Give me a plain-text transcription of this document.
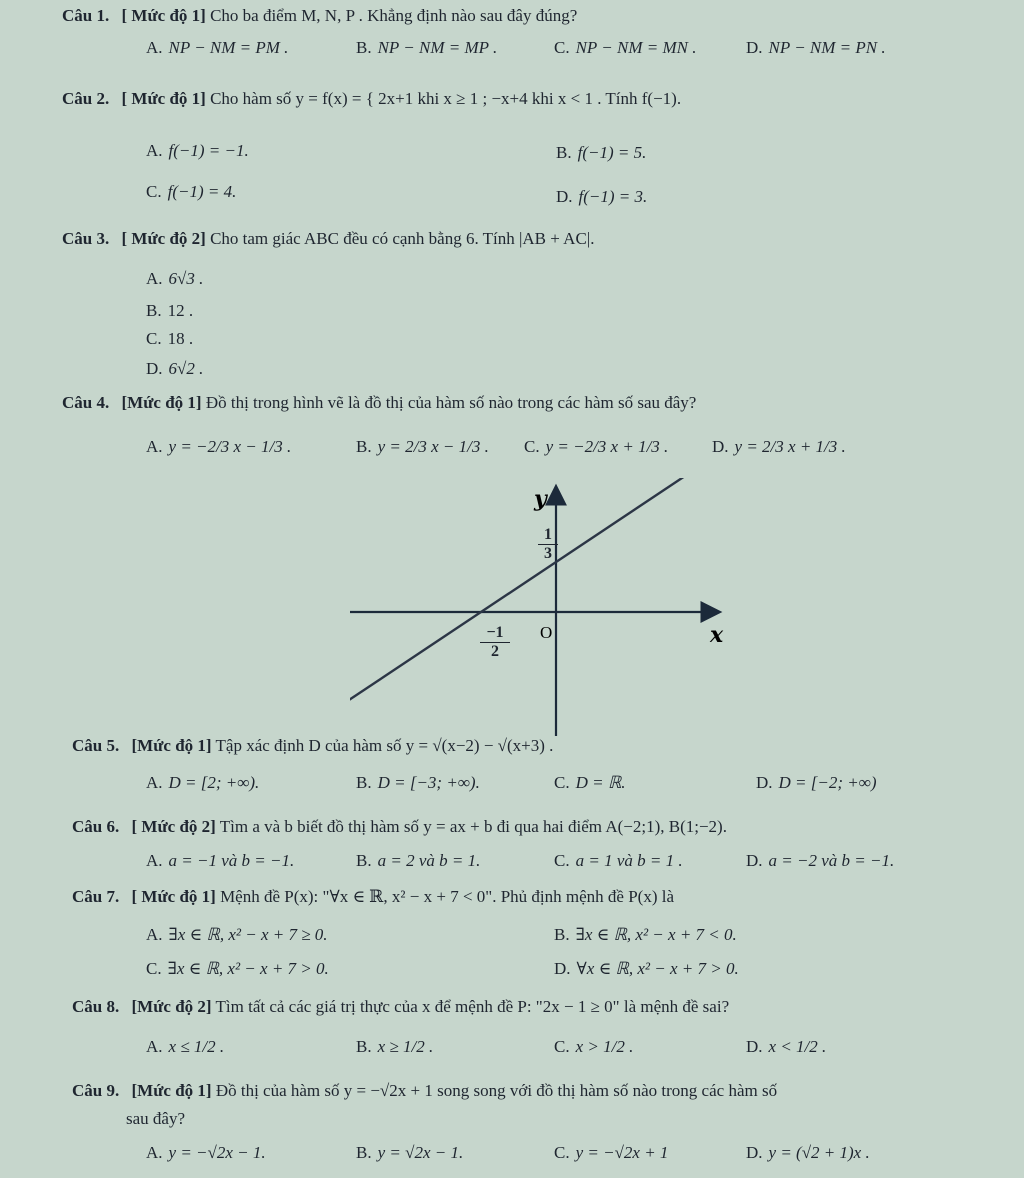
Câu 1. [ Mức độ 1] Cho ba điểm M, N, P . Khẳng định nào sau đây đúng?
A. NP − NM = PM .	B. NP − NM = MP .	C. NP − NM = MN .	D. NP − NM = PN .
Câu 2. [ Mức độ 1] Cho hàm số y = f(x) = { 2x+1 khi x ≥ 1 ; −x+4 khi x < 1 . Tính f(−1).
A. f(−1) = −1.	B. f(−1) = 5.
C. f(−1) = 4.	D. f(−1) = 3.
Câu 3. [ Mức độ 2] Cho tam giác ABC đều có cạnh bằng 6. Tính |AB + AC|.
A. 6√3 .
B. 12 .
C. 18 .
D. 6√2 .
Câu 4. [Mức độ 1] Đồ thị trong hình vẽ là đồ thị của hàm số nào trong các hàm số sau đây?
A. y = −2/3 x − 1/3 .	B. y = 2/3 x − 1/3 . C. y = −2/3 x + 1/3 .	D. y = 2/3 x + 1/3 .
y
x
O
1
3
−1
2
Câu 5. [Mức độ 1] Tập xác định D của hàm số y = √(x−2) − √(x+3) .
A. D = [2; +∞).	B. D = [−3; +∞).	C. D = ℝ.	D. D = [−2; +∞)
Câu 6. [ Mức độ 2] Tìm a và b biết đồ thị hàm số y = ax + b đi qua hai điểm A(−2;1), B(1;−2).
A. a = −1 và b = −1.	B. a = 2 và b = 1.	C. a = 1 và b = 1 .	D. a = −2 và b = −1.
Câu 7. [ Mức độ 1] Mệnh đề P(x): "∀x ∈ ℝ, x² − x + 7 < 0". Phủ định mệnh đề P(x) là
A. ∃x ∈ ℝ, x² − x + 7 ≥ 0.	B. ∃x ∈ ℝ, x² − x + 7 < 0.
C. ∃x ∈ ℝ, x² − x + 7 > 0.	D. ∀x ∈ ℝ, x² − x + 7 > 0.
Câu 8. [Mức độ 2] Tìm tất cả các giá trị thực của x để mệnh đề P: "2x − 1 ≥ 0" là mệnh đề sai?
A. x ≤ 1/2 .	B. x ≥ 1/2 .	C. x > 1/2 .	D. x < 1/2 .
Câu 9. [Mức độ 1] Đồ thị của hàm số y = −√2x + 1 song song với đồ thị hàm số nào trong các hàm số
sau đây?
A. y = −√2x − 1.	B. y = √2x − 1.	C. y = −√2x + 1	D. y = (√2 + 1)x .
